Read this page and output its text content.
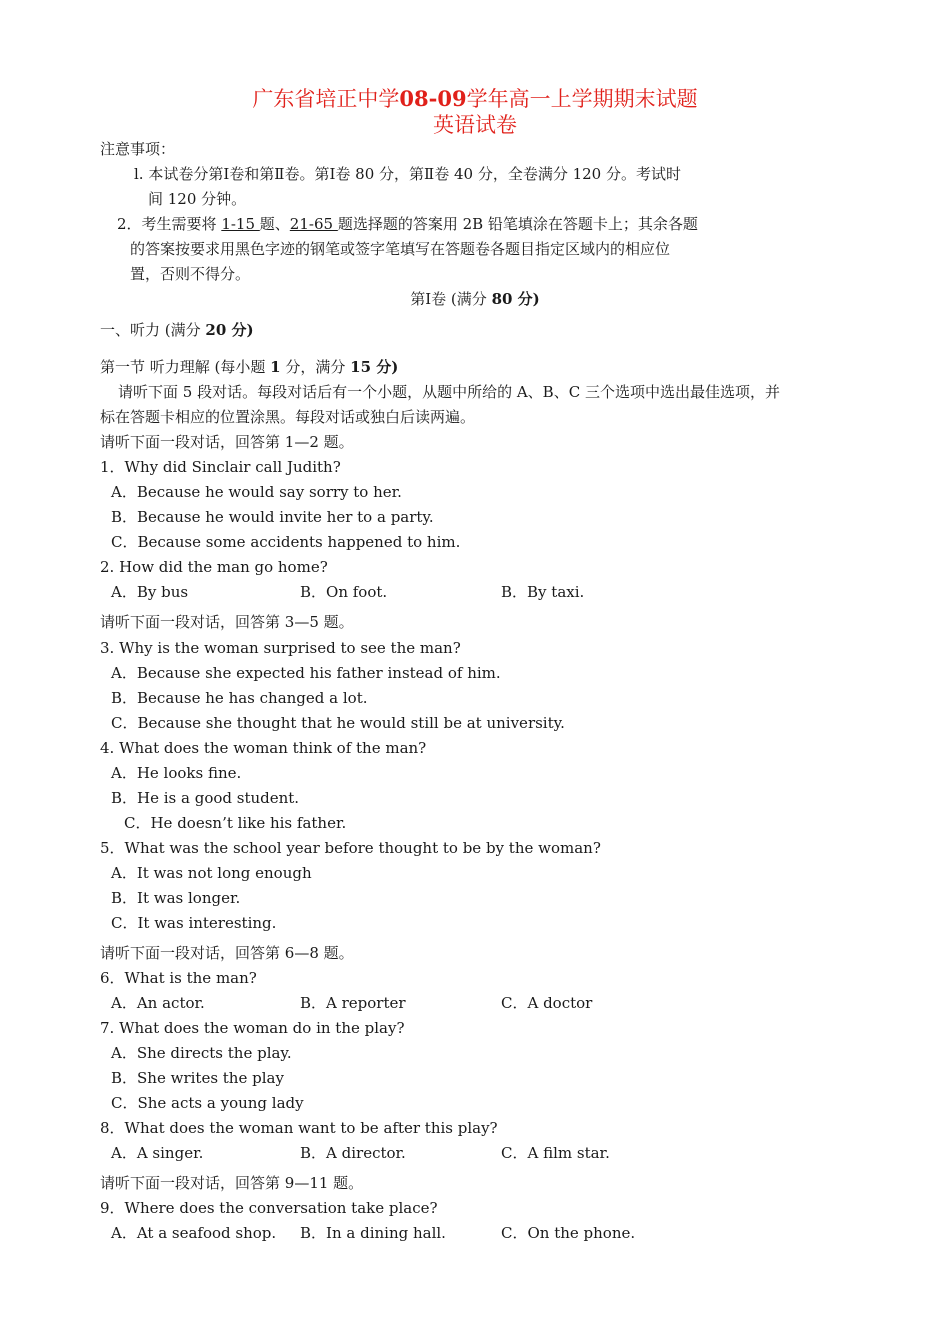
广东省培正中学08-09学年高一上学期期末试题
英语试卷
注意事项：
l. 本试卷分第Ⅰ卷和第Ⅱ卷。第Ⅰ卷 80 分，第Ⅱ卷 40 分，全卷满分 120 分。考试时
间 120 分钟。
2．考生需要将 1-15 题、21-65 题选择题的答案用 2B 铅笔填涂在答题卡上；其余各题
的答案按要求用黑色字迹的钢笔或签字笔填写在答题卷各题目指定区域内的相应位
置，否则不得分。
第Ⅰ卷 (满分 80 分)
一、听力 (满分 20 分)
第一节 听力理解 (每小题 1 分，满分 15 分)
请听下面 5 段对话。每段对话后有一个小题，从题中所给的 A、B、C 三个选项中选出最佳选项，并
标在答题卡相应的位置涂黑。每段对话或独白后读两遍。
请听下面一段对话，回答第 1—2 题。
1．Why did Sinclair call Judith?
A．Because he would say sorry to her.
B．Because he would invite her to a party.
C．Because some accidents happened to him.
2. How did the man go home?
A．By bus	B．On foot.	B．By taxi.
请听下面一段对话，回答第 3—5 题。
3. Why is the woman surprised to see the man?
A．Because she expected his father instead of him.
B．Because he has changed a lot.
C．Because she thought that he would still be at university.
4. What does the woman think of the man?
A．He looks fine.
B．He is a good student.
C．He doesn’t like his father.
5．What was the school year before thought to be by the woman?
A．It was not long enough
B．It was longer.
C．It was interesting.
请听下面一段对话，回答第 6—8 题。
6．What is the man?
A．An actor.	B．A reporter	C．A doctor
7. What does the woman do in the play?
A．She directs the play.
B．She writes the play
C．She acts a young lady
8．What does the woman want to be after this play?
A．A singer.	B．A director.	C．A film star.
请听下面一段对话，回答第 9—11 题。
9．Where does the conversation take place?
A．At a seafood shop. B．In a dining hall.	C．On the phone.
